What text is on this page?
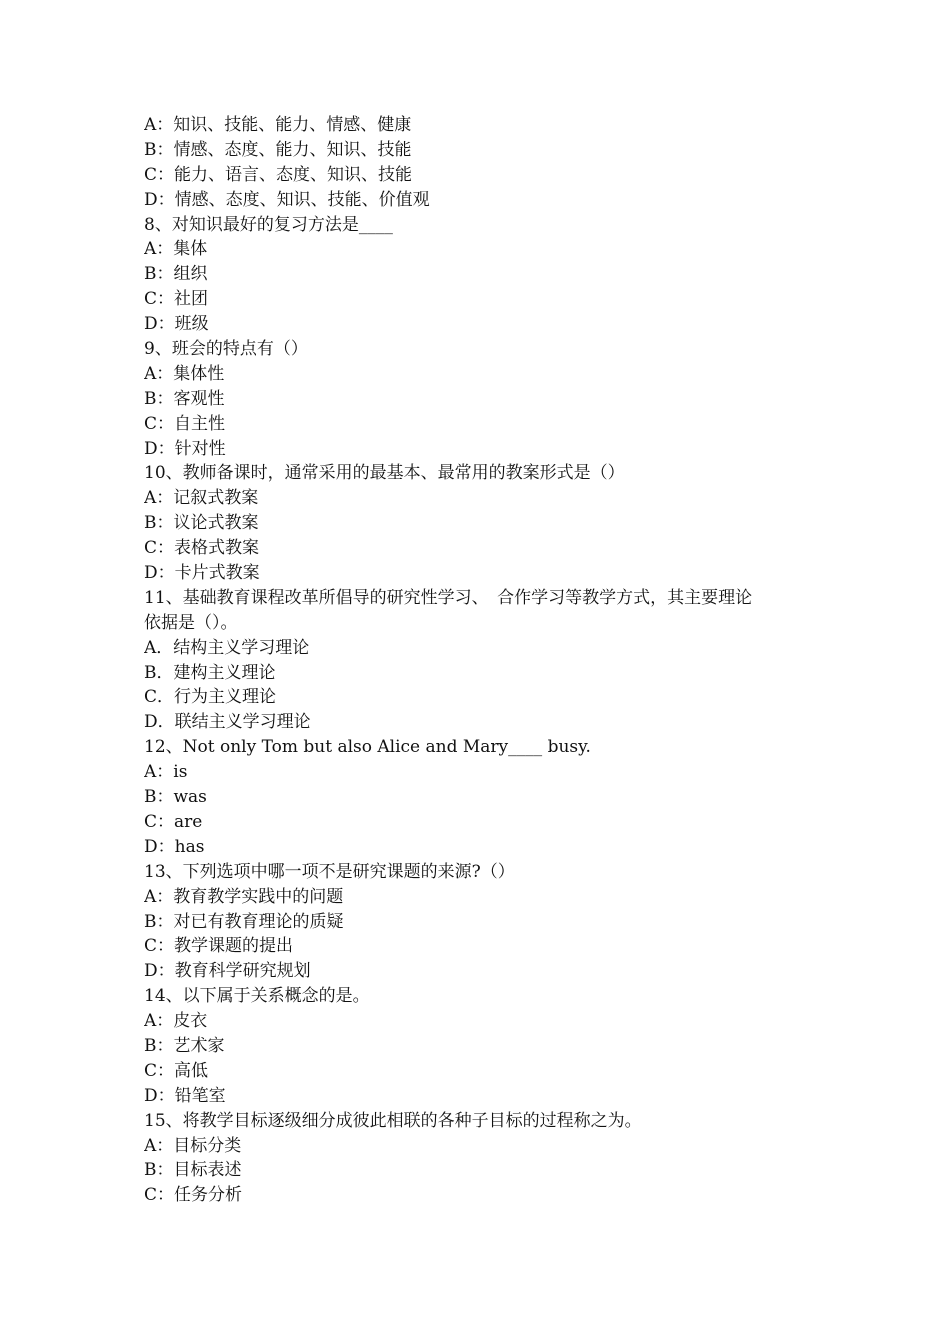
A：知识、技能、能力、情感、健康
B：情感、态度、能力、知识、技能
C：能力、语言、态度、知识、技能
D：情感、态度、知识、技能、价值观
8、对知识最好的复习方法是____
A：集体
B：组织
C：社团
D：班级
9、班会的特点有（）
A：集体性
B：客观性
C：自主性
D：针对性
10、教师备课时，通常采用的最基本、最常用的教案形式是（）
A：记叙式教案
B：议论式教案
C：表格式教案
D：卡片式教案
11、基础教育课程改革所倡导的研究性学习、　合作学习等教学方式，其主要理论
依据是（）。
A．结构主义学习理论
B．建构主义理论
C．行为主义理论
D．联结主义学习理论
12、Not only Tom but also Alice and Mary____ busy.
A：is
B：was
C：are
D：has
13、下列选项中哪一项不是研究课题的来源?（）
A：教育教学实践中的问题
B：对已有教育理论的质疑
C：教学课题的提出
D：教育科学研究规划
14、以下属于关系概念的是。
A：皮衣
B：艺术家
C：高低
D：铅笔室
15、将教学目标逐级细分成彼此相联的各种子目标的过程称之为。
A：目标分类
B：目标表述
C：任务分析
